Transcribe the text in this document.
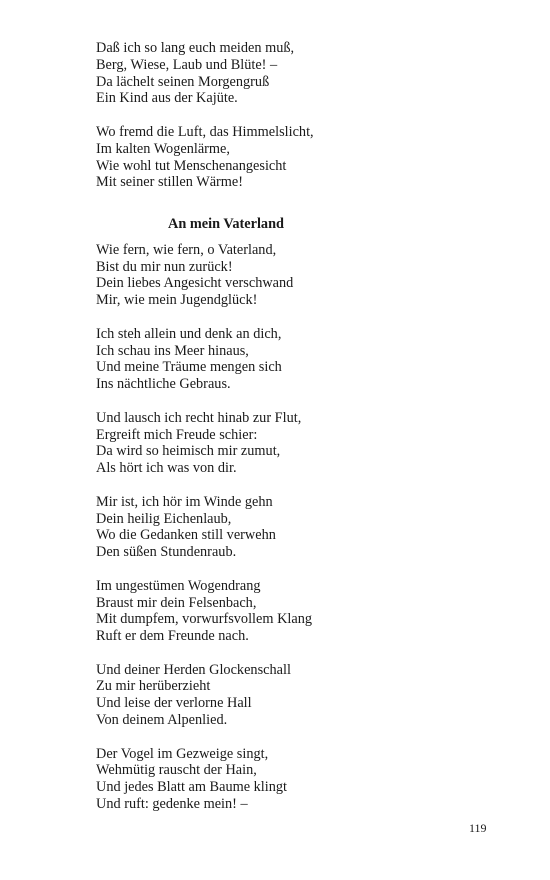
Daß ich so lang euch meiden muß,
Berg, Wiese, Laub und Blüte! –
Da lächelt seinen Morgengruß
Ein Kind aus der Kajüte.
Wo fremd die Luft, das Himmelslicht,
Im kalten Wogenlärme,
Wie wohl tut Menschenangesicht
Mit seiner stillen Wärme!
An mein Vaterland
Wie fern, wie fern, o Vaterland,
Bist du mir nun zurück!
Dein liebes Angesicht verschwand
Mir, wie mein Jugendglück!
Ich steh allein und denk an dich,
Ich schau ins Meer hinaus,
Und meine Träume mengen sich
Ins nächtliche Gebraus.
Und lausch ich recht hinab zur Flut,
Ergreift mich Freude schier:
Da wird so heimisch mir zumut,
Als hört ich was von dir.
Mir ist, ich hör im Winde gehn
Dein heilig Eichenlaub,
Wo die Gedanken still verwehn
Den süßen Stundenraub.
Im ungestümen Wogendrang
Braust mir dein Felsenbach,
Mit dumpfem, vorwurfsvollem Klang
Ruft er dem Freunde nach.
Und deiner Herden Glockenschall
Zu mir herüberzieht
Und leise der verlorne Hall
Von deinem Alpenlied.
Der Vogel im Gezweige singt,
Wehmütig rauscht der Hain,
Und jedes Blatt am Baume klingt
Und ruft: gedenke mein! –
119
